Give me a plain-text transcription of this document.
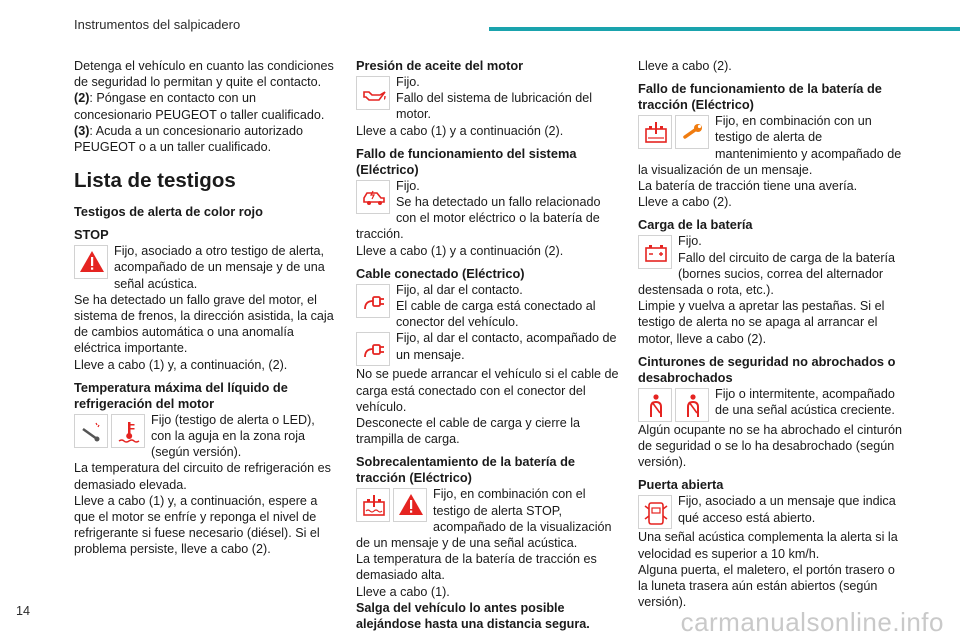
Instrumentos del salpicadero

Detenga el vehículo en cuanto las condiciones de seguridad lo permitan y quite el contacto.

(2): Póngase en contacto con un concesionario PEUGEOT o taller cualificado.

(3): Acuda a un concesionario autorizado PEUGEOT o a un taller cualificado.

Lista de testigos
Testigos de alerta de color rojo
STOP
Fijo, asociado a otro testigo de alerta, acompañado de un mensaje y de una señal acústica.

Se ha detectado un fallo grave del motor, el sistema de frenos, la dirección asistida, la caja de cambios automática o una anomalía eléctrica importante.

Lleve a cabo (1) y, a continuación, (2).

Temperatura máxima del líquido de refrigeración del motor
Fijo (testigo de alerta o LED), con la aguja en la zona roja (según versión).

La temperatura del circuito de refrigeración es demasiado elevada.

Lleve a cabo (1) y, a continuación, espere a que el motor se enfríe y reponga el nivel de refrigerante si fuese necesario (diésel). Si el problema persiste, lleve a cabo (2).

Presión de aceite del motor
Fijo.
Fallo del sistema de lubricación del motor.

Lleve a cabo (1) y a continuación (2).

Fallo de funcionamiento del sistema (Eléctrico)
Fijo.
Se ha detectado un fallo relacionado con el motor eléctrico o la batería de tracción.

Lleve a cabo (1) y a continuación (2).

Cable conectado (Eléctrico)
Fijo, al dar el contacto.
El cable de carga está conectado al conector del vehículo.
Fijo, al dar el contacto, acompañado de un mensaje.

No se puede arrancar el vehículo si el cable de carga está conectado con el conector del vehículo.

Desconecte el cable de carga y cierre la trampilla de carga.

Sobrecalentamiento de la batería de tracción (Eléctrico)
Fijo, en combinación con el testigo de alerta STOP, acompañado de la visualización de un mensaje y de una señal acústica.

La temperatura de la batería de tracción es demasiado alta.

Lleve a cabo (1).

Salga del vehículo lo antes posible alejándose hasta una distancia segura.

Lleve a cabo (2).

Fallo de funcionamiento de la batería de tracción (Eléctrico)
Fijo, en combinación con un testigo de alerta de mantenimiento y acompañado de la visualización de un mensaje.

La batería de tracción tiene una avería.

Lleve a cabo (2).

Carga de la batería
Fijo.
Fallo del circuito de carga de la batería (bornes sucios, correa del alternador destensada o rota, etc.).

Limpie y vuelva a apretar las pestañas. Si el testigo de alerta no se apaga al arrancar el motor, lleve a cabo (2).

Cinturones de seguridad no abrochados o desabrochados
Fijo o intermitente, acompañado de una señal acústica creciente.

Algún ocupante no se ha abrochado el cinturón de seguridad o se lo ha desabrochado (según versión).

Puerta abierta
Fijo, asociado a un mensaje que indica qué acceso está abierto.

Una señal acústica complementa la alerta si la velocidad es superior a 10 km/h.

Alguna puerta, el maletero, el portón trasero o la luneta trasera aún están abiertos (según versión).

14	carmanualsonline.info
